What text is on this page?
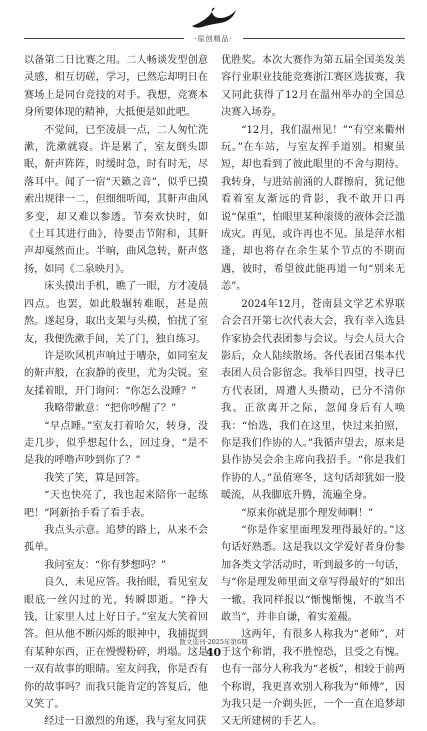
·原创精品·

以备第二日比赛之用。二人畅谈发型创意灵感，相互切磋，学习，已然忘却明日在赛场上是同台竞技的对手。我想，竞赛本身所要体现的精神，大抵便是如此吧。

不觉间，已至凌晨一点，二人匆忙洗漱，洗漱就寝。许是累了，室友倒头即眠，鼾声阵阵，时缓时急，时有时无，尽落耳中。闻了一宿“天籁之音”，似乎已摸索出规律一二，但细细听闻，其鼾声曲风多变，却又难以参透。节奏欢快时，如《土耳其进行曲》，待要击节附和，其鼾声却戛然而止。半晌，曲风急转，鼾声悠扬，如同《二泉映月》。

床头摸出手机，瞧了一眼，方才凌晨四点。也罢，如此般辗转难眠，甚是煎熬。遂起身，取出支架与头模，怕扰了室友，我便洗漱手间，关了门，独自练习。

许是吹风机声响过于嘈杂，如同室友的鼾声般，在寂静的夜里，尤为尖锐。室友揉着眼，开门询问：“你怎么没睡？”

我略带歉意：“把你吵醒了？”

“早点睡。”室友打着哈欠，转身，没走几步，似乎想起什么，回过身，“是不是我的呼噜声吵到你了？”

我笑了笑，算是回答。

“天也快亮了，我也起来陪你一起练吧！”阿新抬手看了看手表。

我点头示意。追梦的路上，从来不会孤单。

我问室友：“你有梦想吗？”

良久，未见应答。我抬眼，看见室友眼底一丝闪过的光，转瞬即逝。“挣大钱，让家里人过上好日子。”室友大笑着回答。但从他不断闪烁的眼神中，我捕捉到有某种东西，正在慢慢粉碎，坍塌。这是一双有故事的眼睛。室友问我，你是否有你的故事吗？而我只能肯定的答复后，他又笑了。

经过一日激烈的角逐，我与室友同获

优胜奖。本次大赛作为第五届全国美发美容行业职业技能竞赛浙江赛区选拔赛，我又同此获得了12月在温州举办的全国总决赛入场券。

“12月，我们温州见！”“有空来衢州玩。”在车站，与室友挥手道别。相聚虽短，却也看到了彼此眼里的不舍与期待。我转身，与进站前涌的人群擦肩，犹记他看着室友渐远的背影，我不敢开口再说“保重”，怕眼里某种滚烫的液体会泛滥成灾。再见，或许再也不见。虽是萍水相逢，却也将存在余生某个节点的不期而遇，彼时，希望彼此能再道一句“别来无恙”。

2024年12月，苍南县文学艺术界联合会召开第七次代表大会，我有幸入选县作家协会代表团参与会议。与会人员大合影后，众人陆续散场。各代表团召集本代表团人员合影留念。我举目四望，找寻已方代表团，周遭人头攒动，已分不清你我。正欲离开之际，忽闻身后有人唤我：“怡选，我们在这里，快过来拍照，你是我们作协的人。”我循声望去，原来是县作协吴会余主席向我招手。“你是我们作协的人。”虽值寒冬，这句话却犹如一股暖流，从我脚底升腾，流遍全身。

“原来你就是那个理发师啊！”

“你是作家里面理发理得最好的。”这句话好熟悉。这是我以文学爱好者身份参加各类文学活动时，听到最多的一句话，与“你是理发师里面文章写得最好的”如出一辙。我同样报以“惭愧惭愧，不敢当不敢当”，并非自谦，着实羞赧。

这两年，有很多人称我为“老师”，对于这个称谓，我不胜惶恐，且受之有愧。也有一部分人称我为“老板”，相较于前两个称谓，我更喜欢别人称我为“师傅”，因为我只是一介剃头匠，一个一直在追梦却又无所建树的手艺人。

散文选刊·2025年第6期
40
